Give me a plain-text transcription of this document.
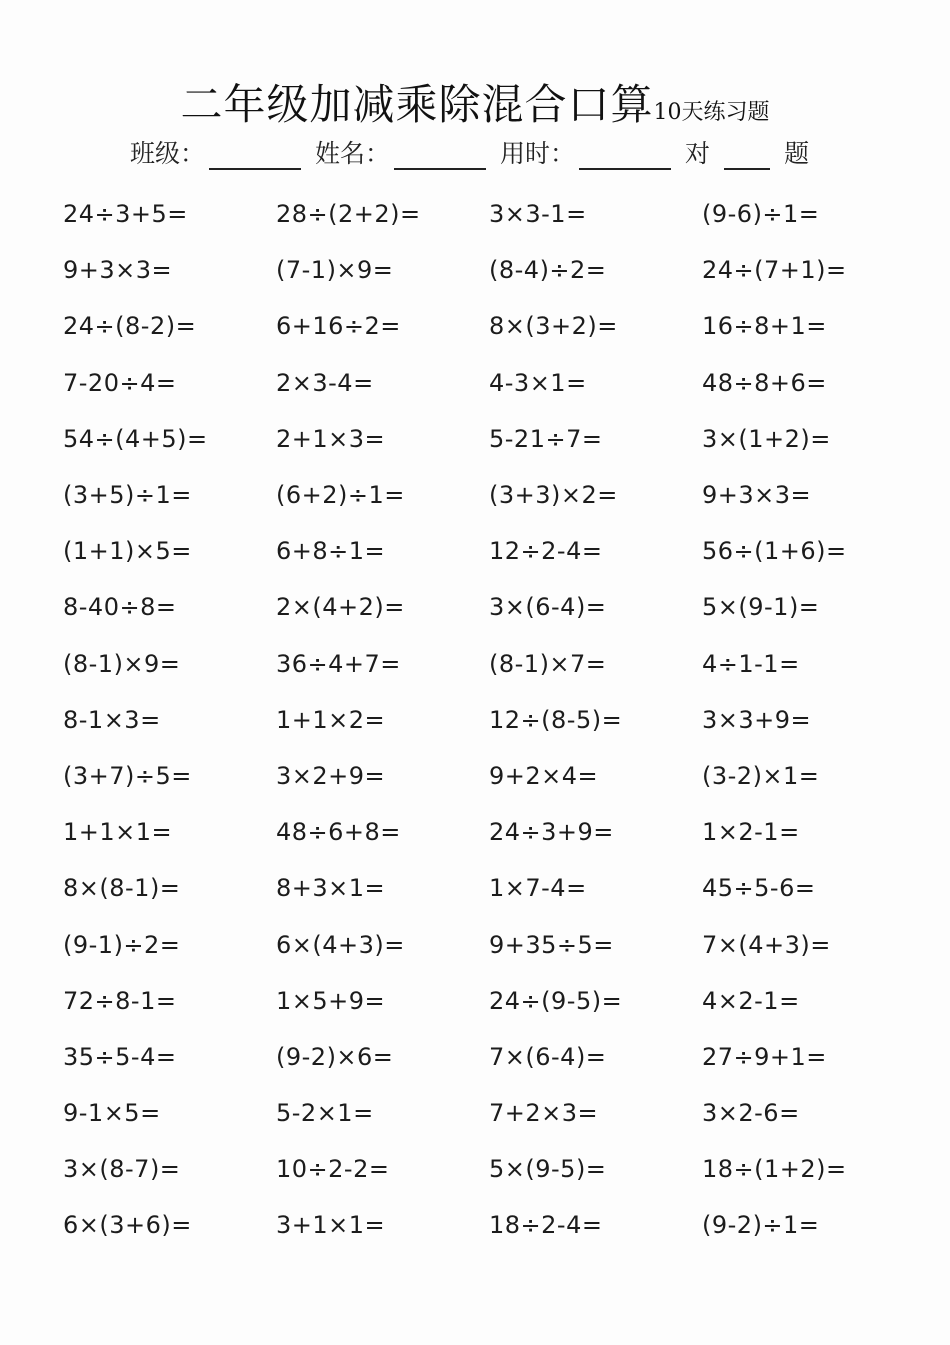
二年级加减乘除混合口算10天练习题
班级：	姓名：	用时：	对	题
24÷3+5=	28÷(2+2)=	3×3-1=	(9-6)÷1=
9+3×3=	(7-1)×9=	(8-4)÷2=	24÷(7+1)=
24÷(8-2)=	6+16÷2=	8×(3+2)=	16÷8+1=
7-20÷4=	2×3-4=	4-3×1=	48÷8+6=
54÷(4+5)=	2+1×3=	5-21÷7=	3×(1+2)=
(3+5)÷1=	(6+2)÷1=	(3+3)×2=	9+3×3=
(1+1)×5=	6+8÷1=	12÷2-4=	56÷(1+6)=
8-40÷8=	2×(4+2)=	3×(6-4)=	5×(9-1)=
(8-1)×9=	36÷4+7=	(8-1)×7=	4÷1-1=
8-1×3=	1+1×2=	12÷(8-5)=	3×3+9=
(3+7)÷5=	3×2+9=	9+2×4=	(3-2)×1=
1+1×1=	48÷6+8=	24÷3+9=	1×2-1=
8×(8-1)=	8+3×1=	1×7-4=	45÷5-6=
(9-1)÷2=	6×(4+3)=	9+35÷5=	7×(4+3)=
72÷8-1=	1×5+9=	24÷(9-5)=	4×2-1=
35÷5-4=	(9-2)×6=	7×(6-4)=	27÷9+1=
9-1×5=	5-2×1=	7+2×3=	3×2-6=
3×(8-7)=	10÷2-2=	5×(9-5)=	18÷(1+2)=
6×(3+6)=	3+1×1=	18÷2-4=	(9-2)÷1=
